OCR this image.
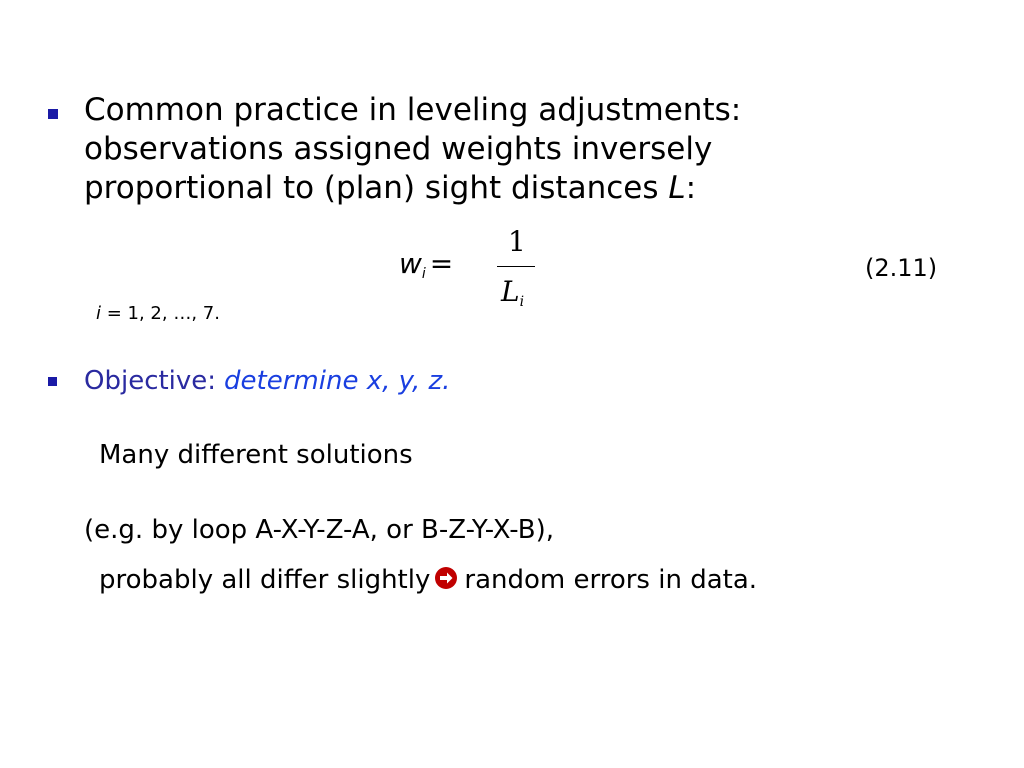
Common practice in leveling adjustments:
observations assigned weights inversely
proportional to (plan) sight distances L:
$w_i$ =
1
$L_i$
(2.11)
i = 1, 2, …, 7.
Objective: determine x, y, z.
Many different solutions
(e.g. by loop A-X-Y-Z-A, or B-Z-Y-X-B),
probably all differ slightly random errors in data.
